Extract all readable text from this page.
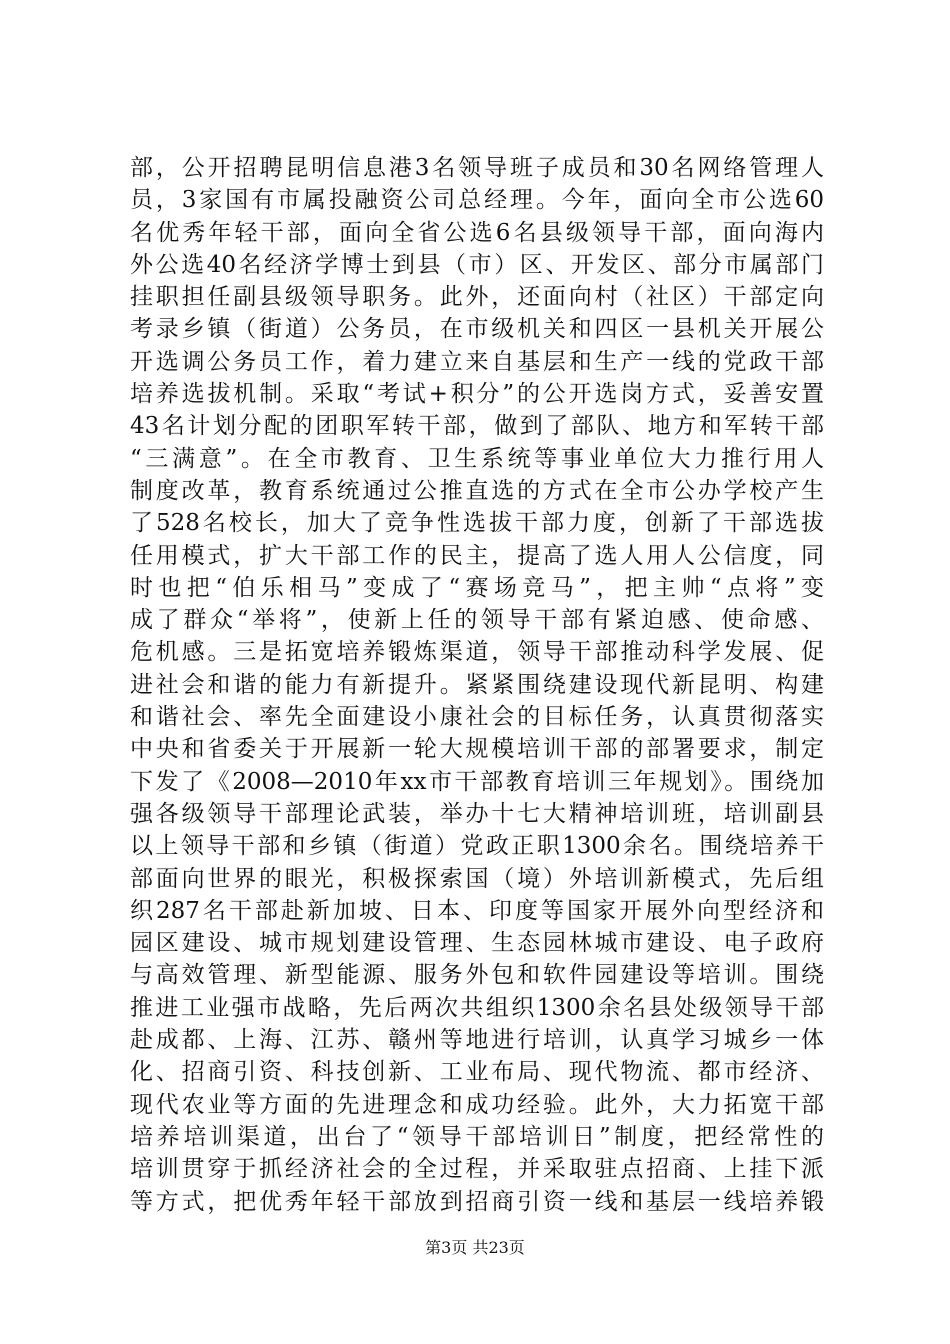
部，公开招聘昆明信息港3名领导班子成员和30名网络管理人
员，3家国有市属投融资公司总经理。今年，面向全市公选60
名优秀年轻干部，面向全省公选6名县级领导干部，面向海内
外公选40名经济学博士到县（市）区、开发区、部分市属部门
挂职担任副县级领导职务。此外，还面向村（社区）干部定向
考录乡镇（街道）公务员，在市级机关和四区一县机关开展公
开选调公务员工作，着力建立来自基层和生产一线的党政干部
培养选拔机制。采取“考试+积分”的公开选岗方式，妥善安置
43名计划分配的团职军转干部，做到了部队、地方和军转干部
“三满意”。在全市教育、卫生系统等事业单位大力推行用人
制度改革，教育系统通过公推直选的方式在全市公办学校产生
了528名校长，加大了竞争性选拔干部力度，创新了干部选拔
任用模式，扩大干部工作的民主，提高了选人用人公信度，同
时也把“伯乐相马”变成了“赛场竞马”，把主帅“点将”变
成了群众“举将”，使新上任的领导干部有紧迫感、使命感、
危机感。三是拓宽培养锻炼渠道，领导干部推动科学发展、促
进社会和谐的能力有新提升。紧紧围绕建设现代新昆明、构建
和谐社会、率先全面建设小康社会的目标任务，认真贯彻落实
中央和省委关于开展新一轮大规模培训干部的部署要求，制定
下发了《2008—2010年xx市干部教育培训三年规划》。围绕加
强各级领导干部理论武装，举办十七大精神培训班，培训副县
以上领导干部和乡镇（街道）党政正职1300余名。围绕培养干
部面向世界的眼光，积极探索国（境）外培训新模式，先后组
织287名干部赴新加坡、日本、印度等国家开展外向型经济和
园区建设、城市规划建设管理、生态园林城市建设、电子政府
与高效管理、新型能源、服务外包和软件园建设等培训。围绕
推进工业强市战略，先后两次共组织1300余名县处级领导干部
赴成都、上海、江苏、赣州等地进行培训，认真学习城乡一体
化、招商引资、科技创新、工业布局、现代物流、都市经济、
现代农业等方面的先进理念和成功经验。此外，大力拓宽干部
培养培训渠道，出台了“领导干部培训日”制度，把经常性的
培训贯穿于抓经济社会的全过程，并采取驻点招商、上挂下派
等方式，把优秀年轻干部放到招商引资一线和基层一线培养锻
第3页 共23页
